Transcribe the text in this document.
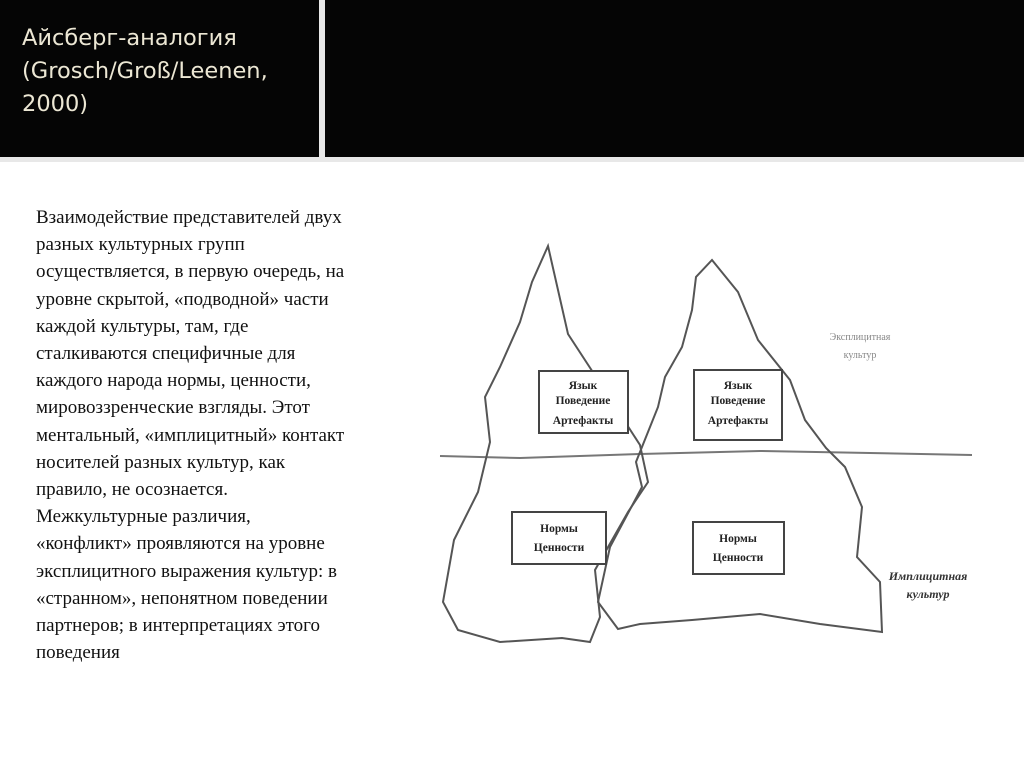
Айсберг-аналогия
(Grosch/Groß/Leenen,
2000)
Взаимодействие представителей двух
разных культурных групп
осуществляется, в первую очередь, на
уровне скрытой, «подводной» части
каждой культуры, там, где
сталкиваются специфичные для
каждого народа нормы, ценности,
мировоззренческие взгляды. Этот
ментальный, «имплицитный» контакт
носителей разных культур, как
правило, не осознается.
Межкультурные различия,
«конфликт» проявляются на уровне
эксплицитного выражения культур: в
«странном», непонятном поведении
партнеров; в интерпретациях этого
поведения
Язык
Поведение
Артефакты
Язык
Поведение
Артефакты
Нормы
Ценности
Нормы
Ценности
Эксплицитная
культур
Имплицитная
культур
